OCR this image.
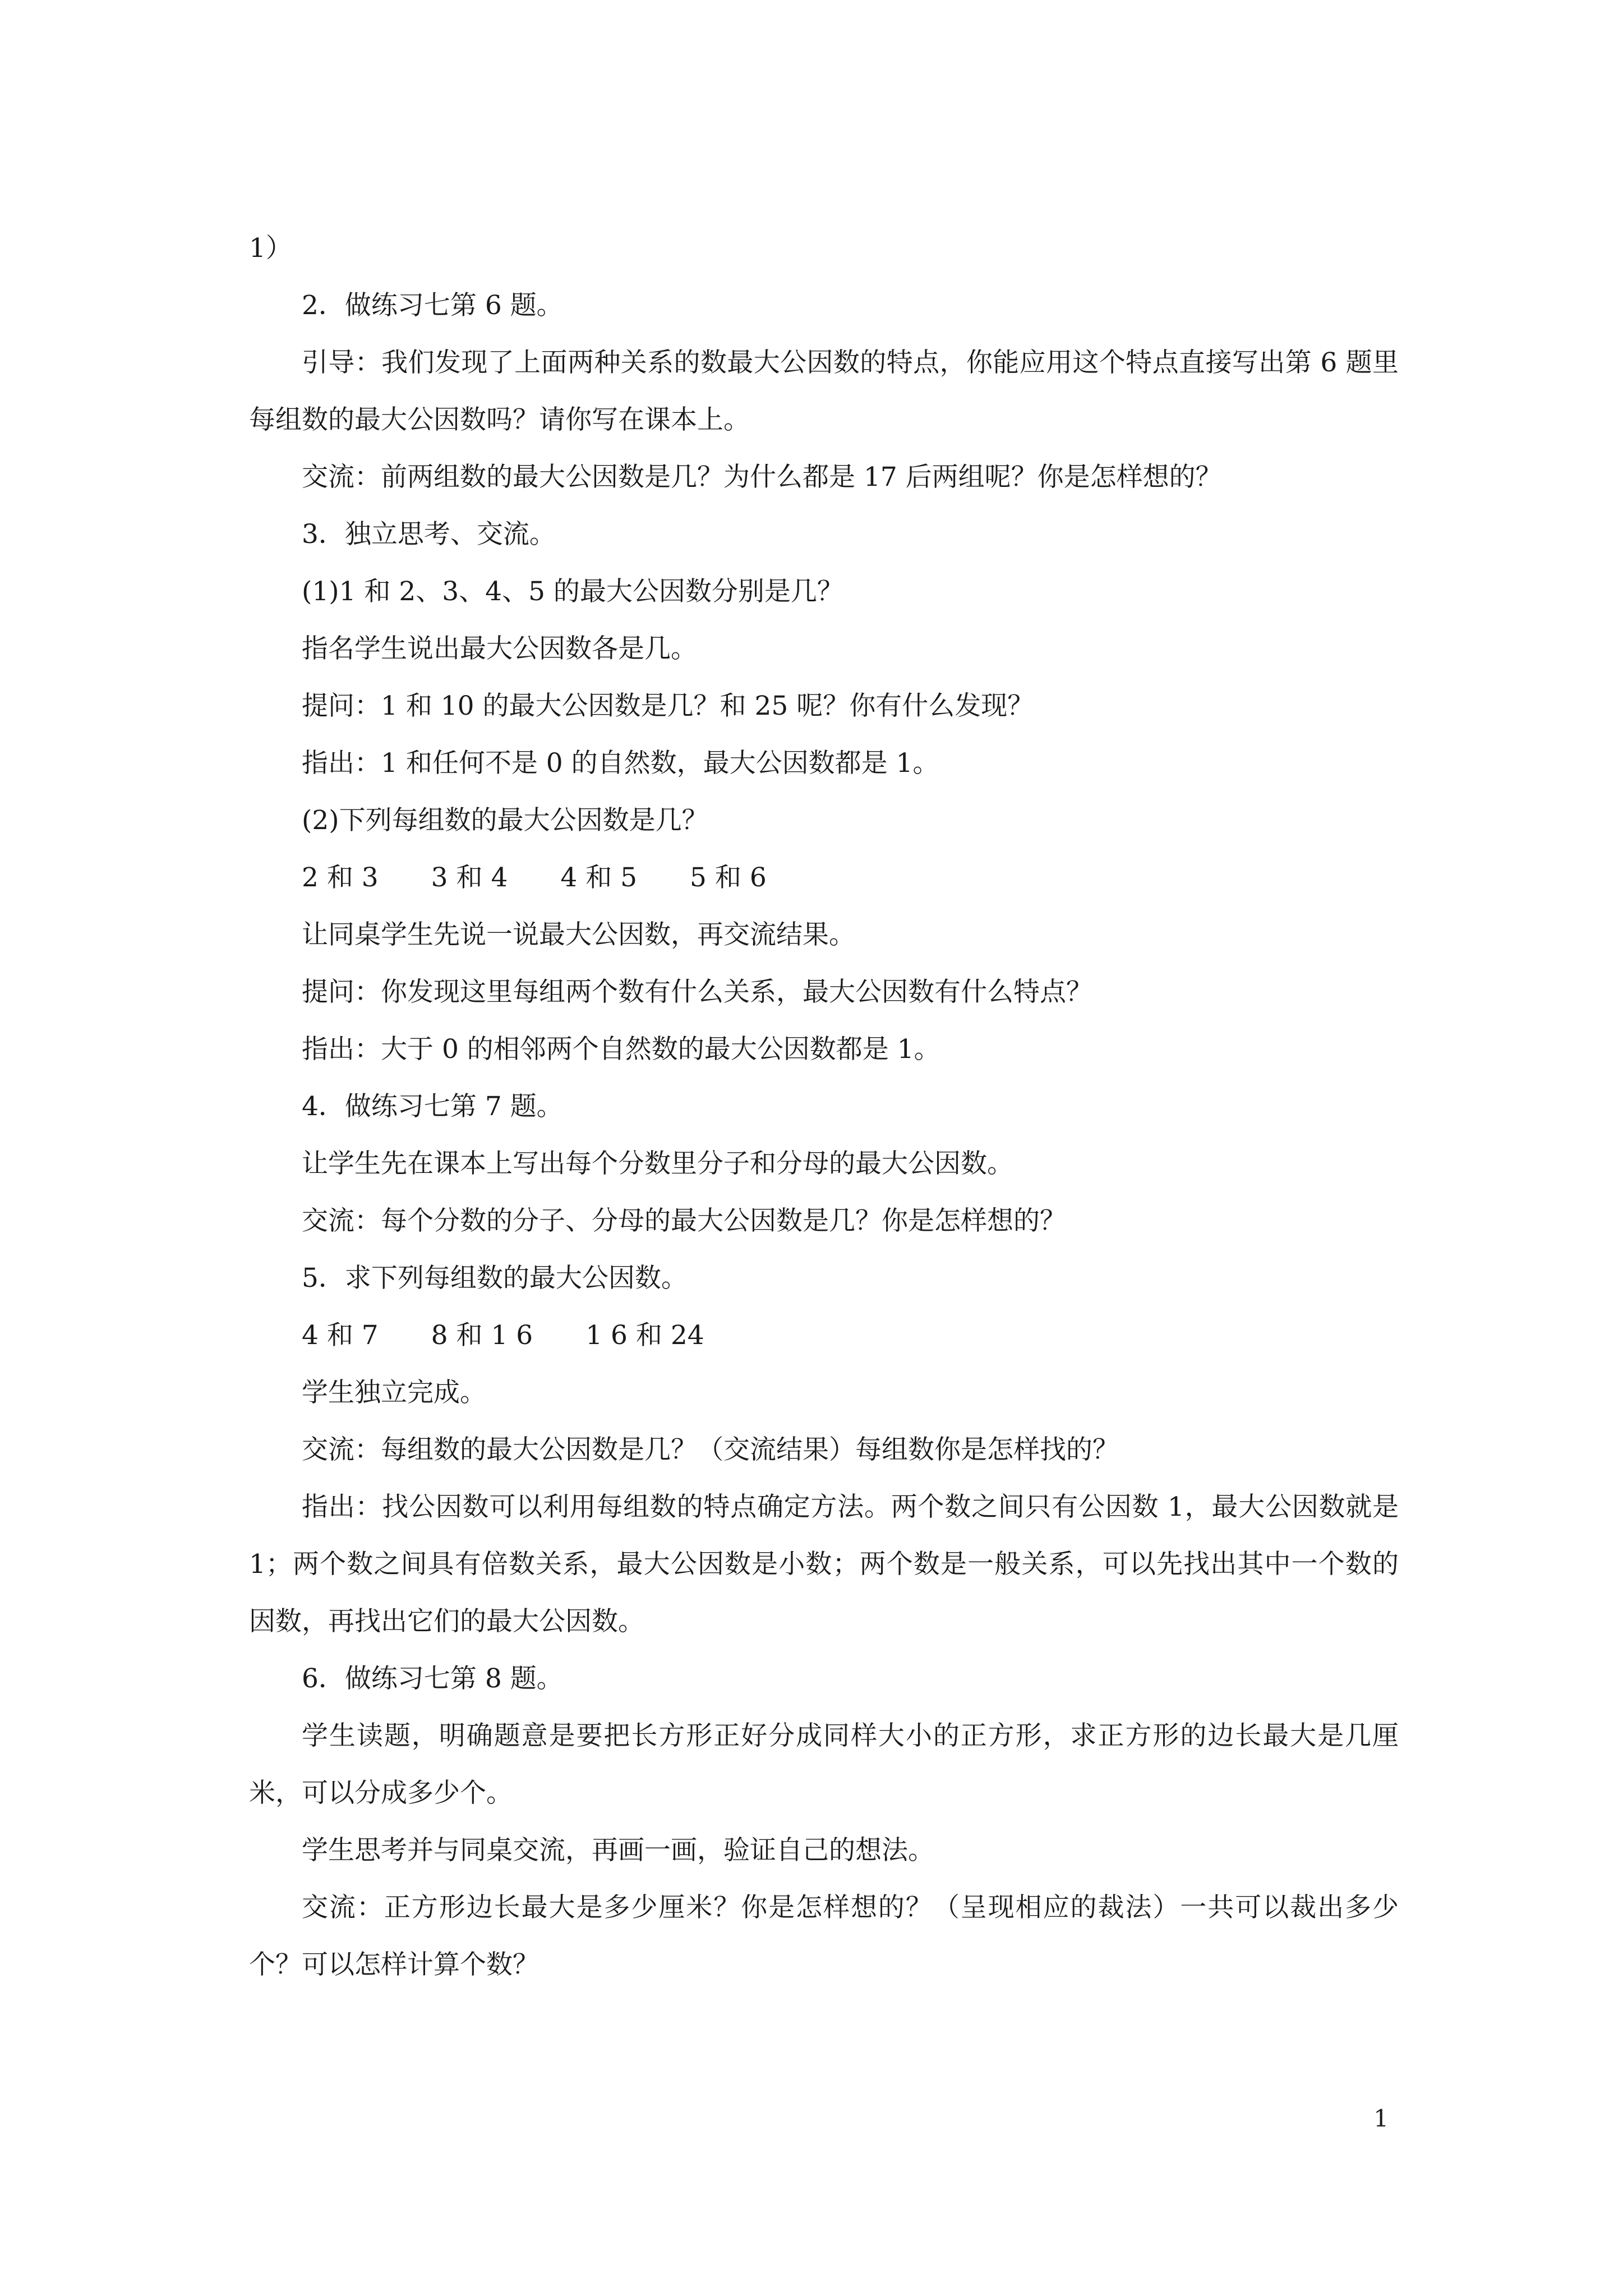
1）

2．做练习七第 6 题。

引导：我们发现了上面两种关系的数最大公因数的特点，你能应用这个特点直接写出第 6 题里每组数的最大公因数吗？请你写在课本上。

交流：前两组数的最大公因数是几？为什么都是 17 后两组呢？你是怎样想的？

3．独立思考、交流。

(1)1 和 2、3、4、5 的最大公因数分别是几？

指名学生说出最大公因数各是几。

提问：1 和 10 的最大公因数是几？和 25 呢？你有什么发现？

指出：1 和任何不是 0 的自然数，最大公因数都是 1。

(2)下列每组数的最大公因数是几？

2 和 3　　3 和 4　　4 和 5　　5 和 6

让同桌学生先说一说最大公因数，再交流结果。

提问：你发现这里每组两个数有什么关系，最大公因数有什么特点？

指出：大于 0 的相邻两个自然数的最大公因数都是 1。

4．做练习七第 7 题。

让学生先在课本上写出每个分数里分子和分母的最大公因数。

交流：每个分数的分子、分母的最大公因数是几？你是怎样想的？

5．求下列每组数的最大公因数。

4 和 7　　8 和 1 6　　1 6 和 24

学生独立完成。

交流：每组数的最大公因数是几？（交流结果）每组数你是怎样找的？

指出：找公因数可以利用每组数的特点确定方法。两个数之间只有公因数 1，最大公因数就是 1；两个数之间具有倍数关系，最大公因数是小数；两个数是一般关系，可以先找出其中一个数的因数，再找出它们的最大公因数。

6．做练习七第 8 题。

学生读题，明确题意是要把长方形正好分成同样大小的正方形，求正方形的边长最大是几厘米，可以分成多少个。

学生思考并与同桌交流，再画一画，验证自己的想法。

交流：正方形边长最大是多少厘米？你是怎样想的？（呈现相应的裁法）一共可以裁出多少个？可以怎样计算个数？

1
